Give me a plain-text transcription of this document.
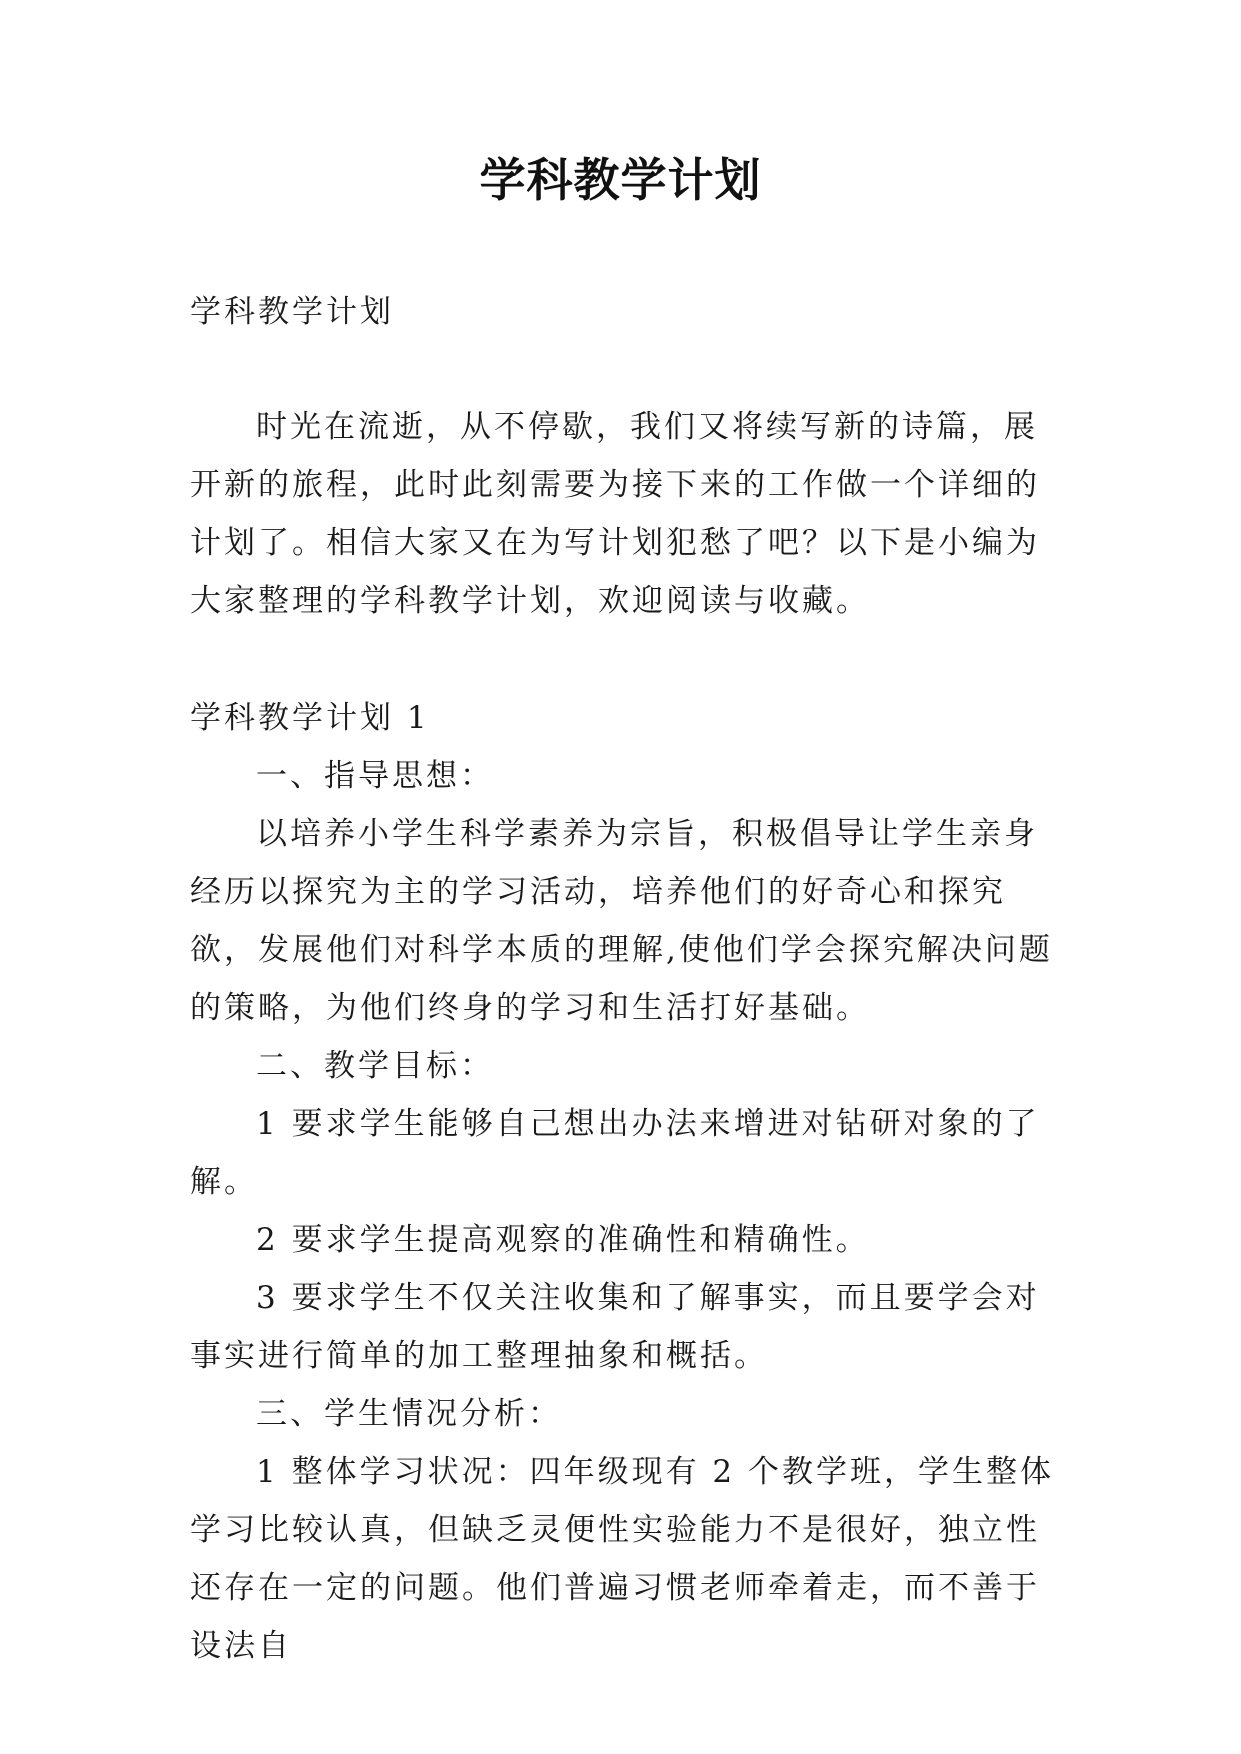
学科教学计划

学科教学计划

时光在流逝，从不停歇，我们又将续写新的诗篇，展开新的旅程，此时此刻需要为接下来的工作做一个详细的计划了。相信大家又在为写计划犯愁了吧？以下是小编为大家整理的学科教学计划，欢迎阅读与收藏。

学科教学计划 1

一、指导思想：

以培养小学生科学素养为宗旨，积极倡导让学生亲身经历以探究为主的学习活动，培养他们的好奇心和探究欲，发展他们对科学本质的理解,使他们学会探究解决问题的策略，为他们终身的学习和生活打好基础。

二、教学目标：

1 要求学生能够自己想出办法来增进对钻研对象的了解。

2 要求学生提高观察的准确性和精确性。

3 要求学生不仅关注收集和了解事实，而且要学会对事实进行简单的加工整理抽象和概括。

三、学生情况分析：

1 整体学习状况：四年级现有 2 个教学班，学生整体学习比较认真，但缺乏灵便性实验能力不是很好，独立性还存在一定的问题。他们普遍习惯老师牵着走，而不善于设法自
